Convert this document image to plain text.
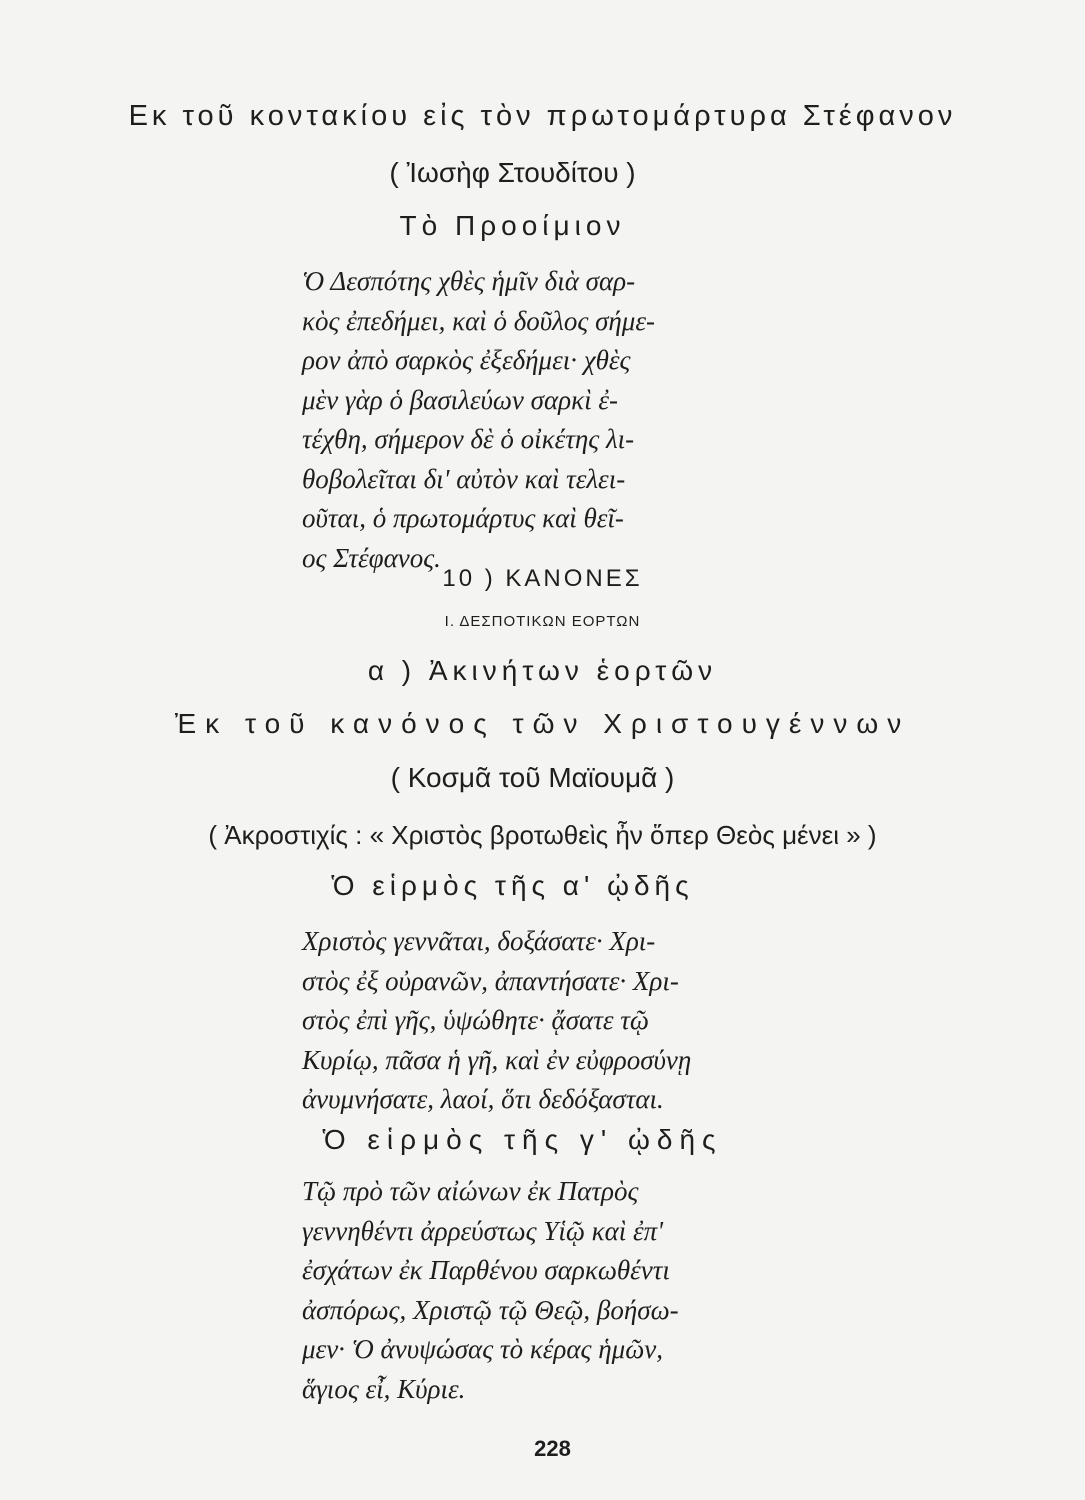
Εκ τοῦ κοντακίου εἰς τὸν πρωτομάρτυρα Στέφανον
( Ἰωσὴφ Στουδίτου )
Τὸ Προοίμιον
Ὁ Δεσπότης χθὲς ἡμῖν διὰ σαρ-
κὸς ἐπεδήμει, καὶ ὁ δοῦλος σήμε-
ρον ἀπὸ σαρκὸς ἐξεδήμει· χθὲς
μὲν γὰρ ὁ βασιλεύων σαρκὶ ἐ-
τέχθη, σήμερον δὲ ὁ οἰκέτης λι-
θοβολεῖται δι' αὐτὸν καὶ τελει-
οῦται, ὁ πρωτομάρτυς καὶ θεῖ-
ος Στέφανος.
10 ) ΚΑΝΟΝΕΣ
Ι. ΔΕΣΠΟΤΙΚΩΝ ΕΟΡΤΩΝ
α ) Ἀκινήτων ἑορτῶν
Ἐκ τοῦ κανόνος τῶν Χριστουγέννων
( Κοσμᾶ τοῦ Μαϊουμᾶ )
( Ἀκροστιχίς : « Χριστὸς βροτωθεὶς ἦν ὅπερ Θεὸς μένει » )
Ὁ εἱρμὸς τῆς α' ᾠδῆς
Χριστὸς γεννᾶται, δοξάσατε· Χρι-
στὸς ἐξ οὐρανῶν, ἀπαντήσατε· Χρι-
στὸς ἐπὶ γῆς, ὑψώθητε· ᾄσατε τῷ
Κυρίῳ, πᾶσα ἡ γῆ, καὶ ἐν εὐφροσύνῃ
ἀνυμνήσατε, λαοί, ὅτι δεδόξασται.
Ὁ εἱρμὸς τῆς γ' ᾠδῆς
Τῷ πρὸ τῶν αἰώνων ἐκ Πατρὸς
γεννηθέντι ἀρρεύστως Υἱῷ καὶ ἐπ'
ἐσχάτων ἐκ Παρθένου σαρκωθέντι
ἀσπόρως, Χριστῷ τῷ Θεῷ, βοήσω-
μεν· Ὁ ἀνυψώσας τὸ κέρας ἡμῶν,
ἅγιος εἶ, Κύριε.
228
